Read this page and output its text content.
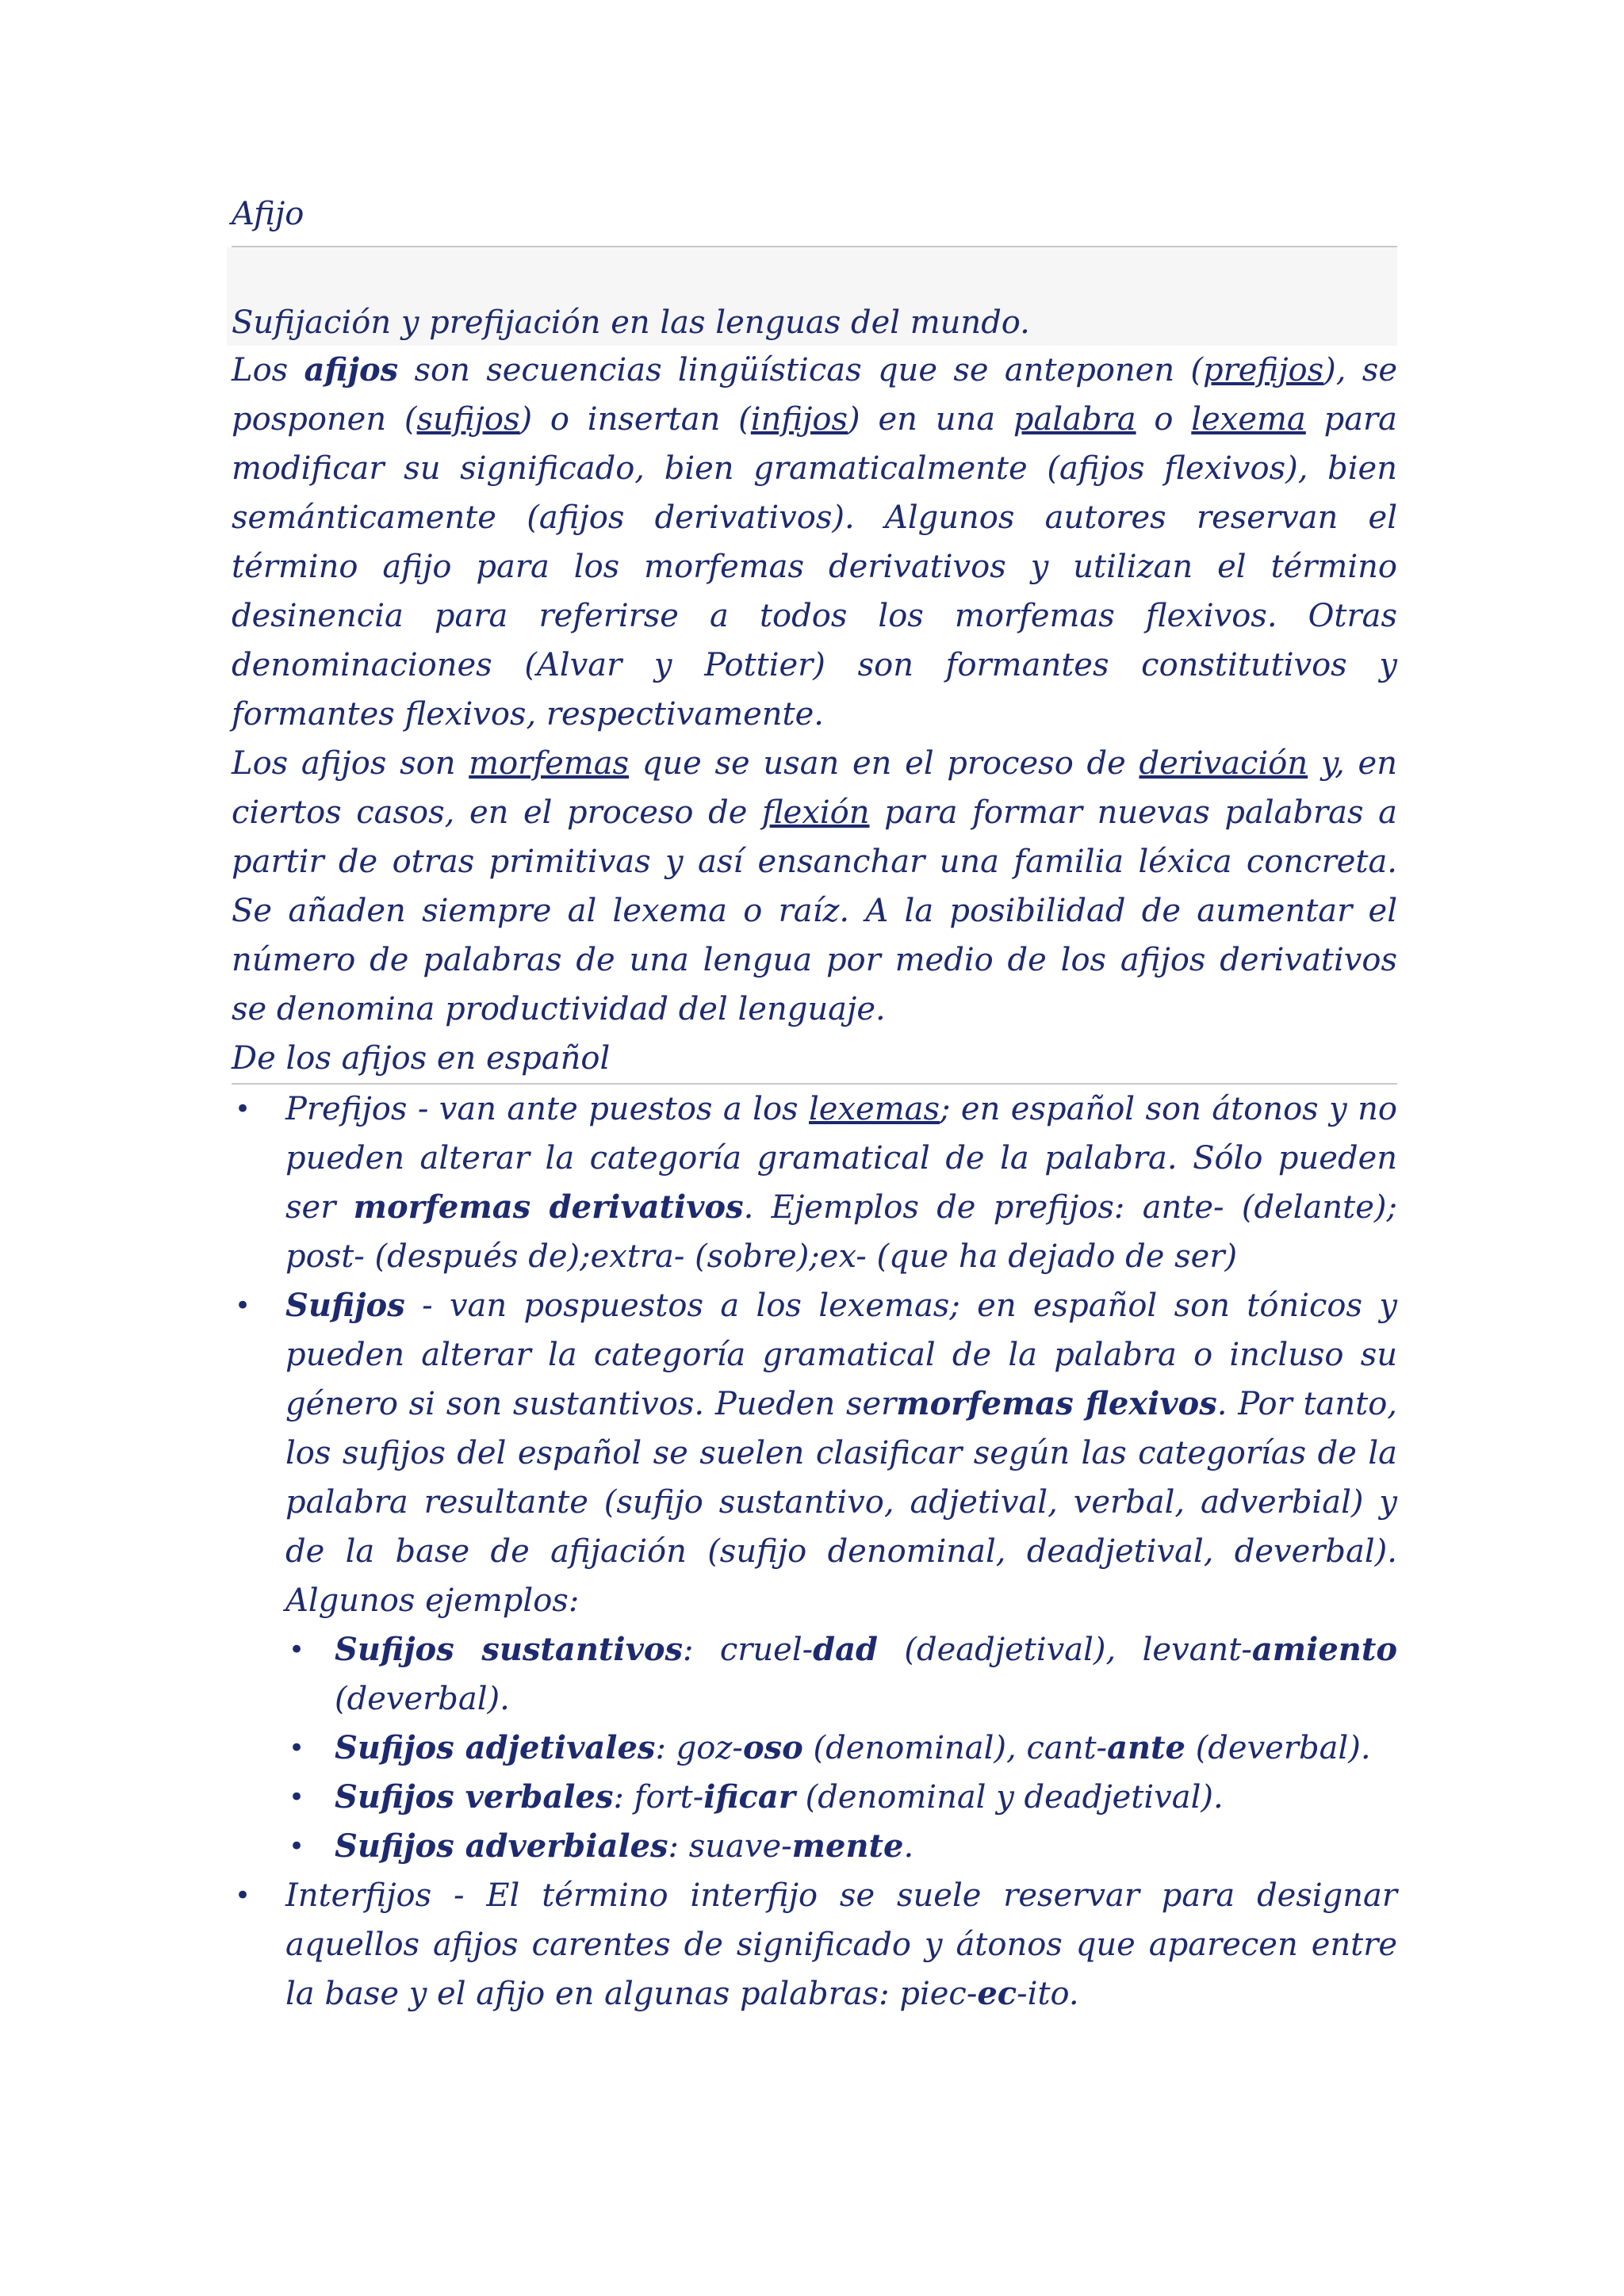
Afijo
Sufijación y prefijación en las lenguas del mundo.

Los afijos son secuencias lingüísticas que se anteponen (prefijos), se posponen (sufijos) o insertan (infijos) en una palabra o lexema para modificar su significado, bien gramaticalmente (afijos flexivos), bien semánticamente (afijos derivativos). Algunos autores reservan el término afijo para los morfemas derivativos y utilizan el término desinencia para referirse a todos los morfemas flexivos. Otras denominaciones (Alvar y Pottier) son formantes constitutivos y formantes flexivos, respectivamente.

Los afijos son morfemas que se usan en el proceso de derivación y, en ciertos casos, en el proceso de flexión para formar nuevas palabras a partir de otras primitivas y así ensanchar una familia léxica concreta. Se añaden siempre al lexema o raíz. A la posibilidad de aumentar el número de palabras de una lengua por medio de los afijos derivativos se denomina productividad del lenguaje.

De los afijos en español
• Prefijos - van ante puestos a los lexemas; en español son átonos y no pueden alterar la categoría gramatical de la palabra. Sólo pueden ser morfemas derivativos. Ejemplos de prefijos: ante- (delante); post- (después de);extra- (sobre);ex- (que ha dejado de ser)
• Sufijos - van pospuestos a los lexemas; en español son tónicos y pueden alterar la categoría gramatical de la palabra o incluso su género si son sustantivos. Pueden sermorfemas flexivos. Por tanto, los sufijos del español se suelen clasificar según las categorías de la palabra resultante (sufijo sustantivo, adjetival, verbal, adverbial) y de la base de afijación (sufijo denominal, deadjetival, deverbal). Algunos ejemplos:
• Sufijos sustantivos: cruel-dad (deadjetival), levant-amiento (deverbal).
• Sufijos adjetivales: goz-oso (denominal), cant-ante (deverbal).
• Sufijos verbales: fort-ificar (denominal y deadjetival).
• Sufijos adverbiales: suave-mente.
• Interfijos - El término interfijo se suele reservar para designar aquellos afijos carentes de significado y átonos que aparecen entre la base y el afijo en algunas palabras: piec-ec-ito.
